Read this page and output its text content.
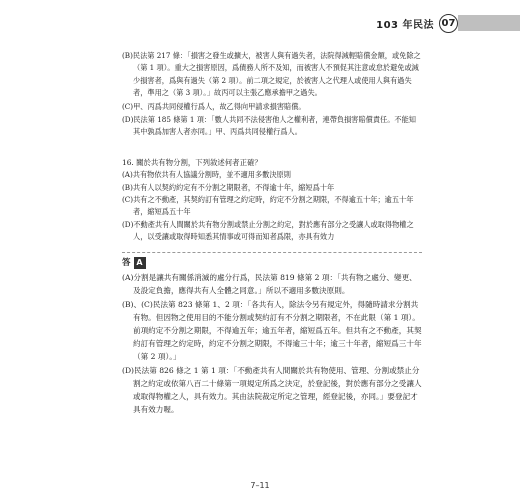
103 年民法 07

(B)民法第 217 條：「損害之發生或擴大，被害人與有過失者，法院得減輕賠償金額，或免除之（第 1 項）。重大之損害原因，爲債務人所不及知，而被害人不預促其注意或怠於避免或減少損害者，爲與有過失（第 2 項）。前二項之規定，於被害人之代理人或使用人與有過失者，準用之（第 3 項）。」故丙可以主張乙應承擔甲之過失。

(C)甲、丙爲共同侵權行爲人，故乙得向甲請求損害賠償。

(D)民法第 185 條第 1 項：「數人共同不法侵害他人之權利者，連帶負損害賠償責任。不能知其中孰爲加害人者亦同。」甲、丙爲共同侵權行爲人。

16. 關於共有物分割，下列敘述何者正確？

(A)共有物依共有人協議分割時，並不適用多數決原則

(B)共有人以契約約定有不分割之期限者，不得逾十年，縮短爲十年

(C)共有之不動產，其契約訂有管理之約定時，約定不分割之期限，不得逾五十年；逾五十年者，縮短爲五十年

(D)不動產共有人間關於共有物分割或禁止分割之約定，對於應有部分之受讓人或取得物權之人，以受讓或取得時知悉其情事或可得而知者爲限，亦具有效力

答 A

(A)分割是讓共有關係消滅的處分行爲，民法第 819 條第 2 項：「共有物之處分、變更、及設定負擔，應得共有人全體之同意。」所以不適用多數決原則。

(B)、(C)民法第 823 條第 1、2 項：「各共有人，除法令另有規定外，得隨時請求分割共有物。但因物之使用目的不能分割或契約訂有不分割之期限者，不在此限（第 1 項）。前項約定不分割之期限，不得逾五年；逾五年者，縮短爲五年。但共有之不動產，其契約訂有管理之約定時，約定不分割之期限，不得逾三十年；逾三十年者，縮短爲三十年（第 2 項）。」

(D)民法第 826 條之 1 第 1 項：「不動產共有人間關於共有物使用、管理、分割或禁止分割之約定或依第八百二十條第一項規定所爲之決定，於登記後，對於應有部分之受讓人或取得物權之人，具有效力。其由法院裁定所定之管理，經登記後，亦同。」要登記才具有效力喔。

7–11
